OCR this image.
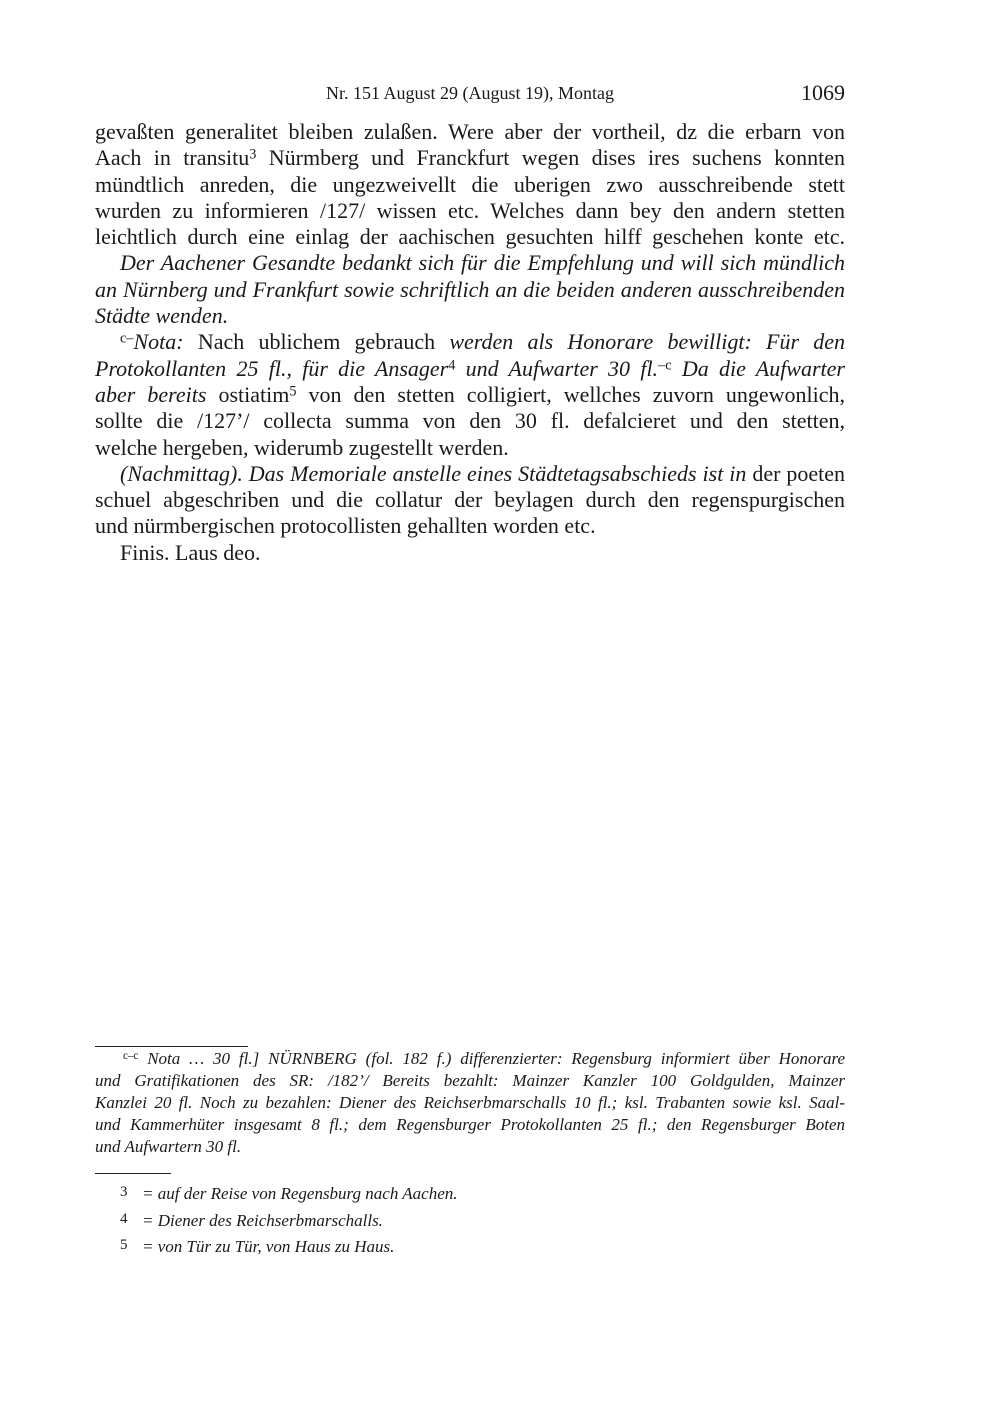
Nr. 151 August 29 (August 19), Montag	1069
gevaßten generalitet bleiben zulaßen. Were aber der vortheil, dz die erbarn von
Aach in transitu$^3$ Nürmberg und Franckfurt wegen dises ires suchens konnten
mündtlich anreden, die ungezweivellt die uberigen zwo ausschreibende stett
wurden zu informieren /127/ wissen etc. Welches dann bey den andern stetten
leichtlich durch eine einlag der aachischen gesuchten hilff geschehen konte etc.
Der Aachener Gesandte bedankt sich für die Empfehlung und will sich mündlich
an Nürnberg und Frankfurt sowie schriftlich an die beiden anderen ausschreibenden
Städte wenden.
$^{c-}$Nota: Nach ublichem gebrauch werden als Honorare bewilligt: Für den
Protokollanten 25 fl., für die Ansager$^4$ und Aufwarter 30 fl.$^{-c}$ Da die Aufwarter
aber bereits ostiatim$^5$ von den stetten colligiert, wellches zuvorn ungewonlich,
sollte die /127’/ collecta summa von den 30 fl. defalcieret und den stetten,
welche hergeben, widerumb zugestellt werden.
(Nachmittag). Das Memoriale anstelle eines Städtetagsabschieds ist in der poeten
schuel abgeschriben und die collatur der beylagen durch den regenspurgischen
und nürmbergischen protocollisten gehallten worden etc.
Finis. Laus deo.
$^{c-c}$ Nota … 30 fl.] NÜRNBERG (fol. 182 f.) differenzierter: Regensburg informiert über Honorare
und Gratifikationen des SR: /182’/ Bereits bezahlt: Mainzer Kanzler 100 Goldgulden, Mainzer
Kanzlei 20 fl. Noch zu bezahlen: Diener des Reichserbmarschalls 10 fl.; ksl. Trabanten sowie ksl. Saal-
und Kammerhüter insgesamt 8 fl.; dem Regensburger Protokollanten 25 fl.; den Regensburger Boten
und Aufwartern 30 fl.
3 = auf der Reise von Regensburg nach Aachen.
4 = Diener des Reichserbmarschalls.
5 = von Tür zu Tür, von Haus zu Haus.
